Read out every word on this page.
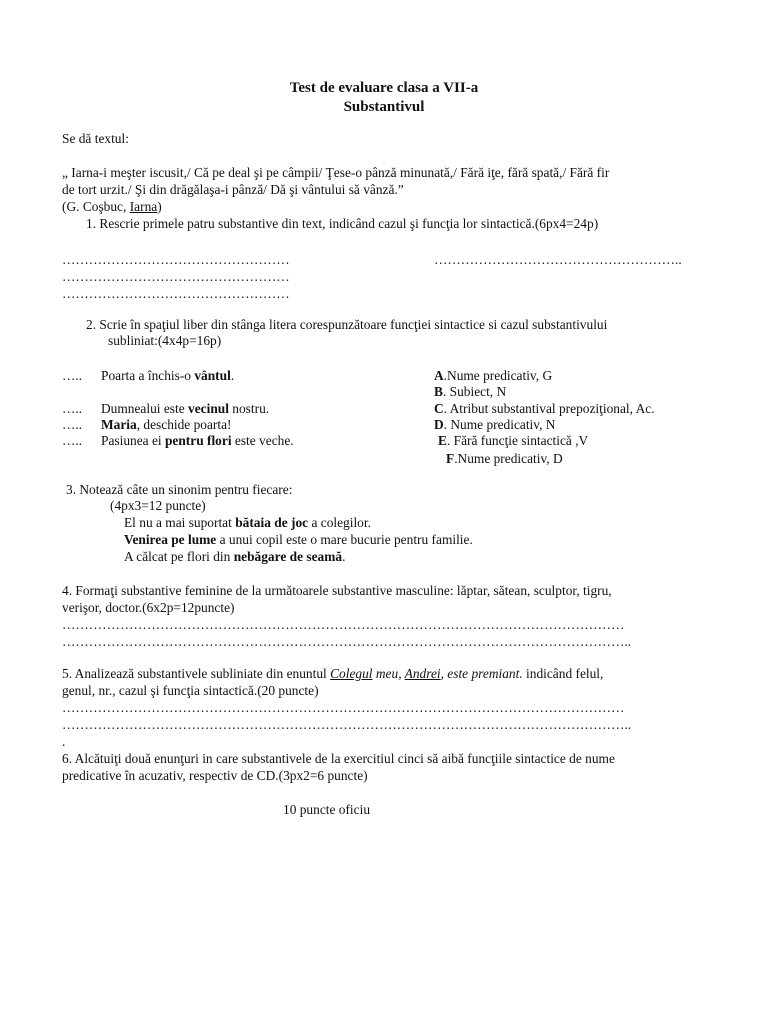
Test de evaluare clasa a VII-a
Substantivul
Se dă textul:
„ Iarna-i meşter iscusit,/ Că pe deal şi pe câmpii/ Ţese-o pânză minunată,/ Fără iţe, fără spată,/ Fără fir
de tort urzit./ Şi din drăgălaşa-i pânză/ Dă şi vântului să vânză.”
(G. Coşbuc, Iarna)
1. Rescrie primele patru substantive din text, indicând cazul şi funcţia lor sintactică.(6px4=24p)
……………………………………………	………………………………………………..
……………………………………………
……………………………………………
2. Scrie în spaţiul liber din stânga litera corespunzătoare funcţiei sintactice si cazul substantivului
subliniat:(4x4p=16p)
….. Poarta a închis-o vântul.
….. Dumnealui este vecinul nostru.
….. Maria, deschide poarta!
….. Pasiunea ei pentru flori este veche.
A.Nume predicativ, G
B. Subiect, N
C. Atribut substantival prepoziţional, Ac.
D. Nume predicativ, N
E. Fără funcţie sintactică ,V
F.Nume predicativ, D
3. Notează câte un sinonim pentru fiecare:
(4px3=12 puncte)
El nu a mai suportat bătaia de joc a colegilor.
Venirea pe lume a unui copil este o mare bucurie pentru familie.
A călcat pe flori din nebăgare de seamă.
4. Formaţi substantive feminine de la următoarele substantive masculine: lăptar, sătean, sculptor, tigru,
verişor, doctor.(6x2p=12puncte)
………………………………………………………………………………………………………………
………………………………………………………………………………………………………………..
5. Analizează substantivele subliniate din enuntul Colegul meu, Andrei, este premiant. indicând felul,
genul, nr., cazul şi funcţia sintactică.(20 puncte)
………………………………………………………………………………………………………………
………………………………………………………………………………………………………………..
.
6. Alcătuiţi două enunţuri in care substantivele de la exercitiul cinci să aibă funcţiile sintactice de nume
predicative în acuzativ, respectiv de CD.(3px2=6 puncte)
10 puncte oficiu
